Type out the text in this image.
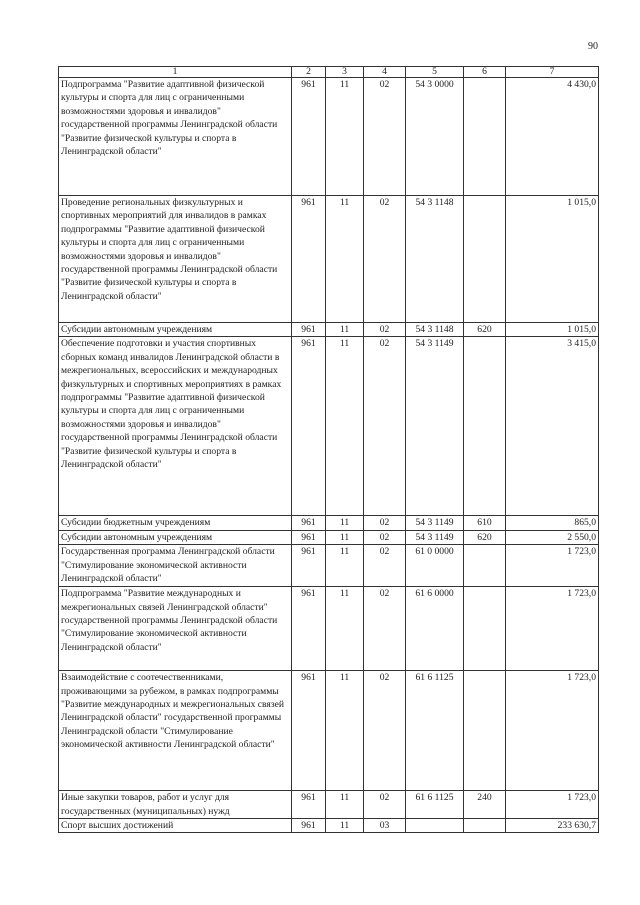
90
1	2	3	4	5	6	7
Подпрограмма "Развитие адаптивной физической культуры и спорта для лиц с ограниченными возможностями здоровья и инвалидов" государственной программы Ленинградской области "Развитие физической культуры и спорта в Ленинградской области"	961	11	02	54 3 0000		4 430,0
Проведение региональных физкультурных и спортивных мероприятий для инвалидов в рамках подпрограммы "Развитие адаптивной физической культуры и спорта для лиц с ограниченными возможностями здоровья и инвалидов" государственной программы Ленинградской области "Развитие физической культуры и спорта в Ленинградской области"	961	11	02	54 3 1148		1 015,0
Субсидии автономным учреждениям	961	11	02	54 3 1148	620	1 015,0
Обеспечение подготовки и участия спортивных сборных команд инвалидов Ленинградской области в межрегиональных, всероссийских и международных физкультурных и спортивных мероприятиях в рамках подпрограммы "Развитие адаптивной физической культуры и спорта для лиц с ограниченными возможностями здоровья и инвалидов" государственной программы Ленинградской области "Развитие физической культуры и спорта в Ленинградской области"	961	11	02	54 3 1149		3 415,0
Субсидии бюджетным учреждениям	961	11	02	54 3 1149	610	865,0
Субсидии автономным учреждениям	961	11	02	54 3 1149	620	2 550,0
Государственная программа Ленинградской области "Стимулирование экономической активности Ленинградской области"	961	11	02	61 0 0000		1 723,0
Подпрограмма "Развитие международных и межрегиональных связей Ленинградской области" государственной программы Ленинградской области "Стимулирование экономической активности Ленинградской области"	961	11	02	61 6 0000		1 723,0
Взаимодействие с соотечественниками, проживающими за рубежом, в рамках подпрограммы "Развитие международных и межрегиональных связей Ленинградской области" государственной программы Ленинградской области "Стимулирование экономической активности Ленинградской области"	961	11	02	61 6 1125		1 723,0
Иные закупки товаров, работ и услуг для государственных (муниципальных) нужд	961	11	02	61 6 1125	240	1 723,0
Спорт высших достижений	961	11	03			233 630,7
